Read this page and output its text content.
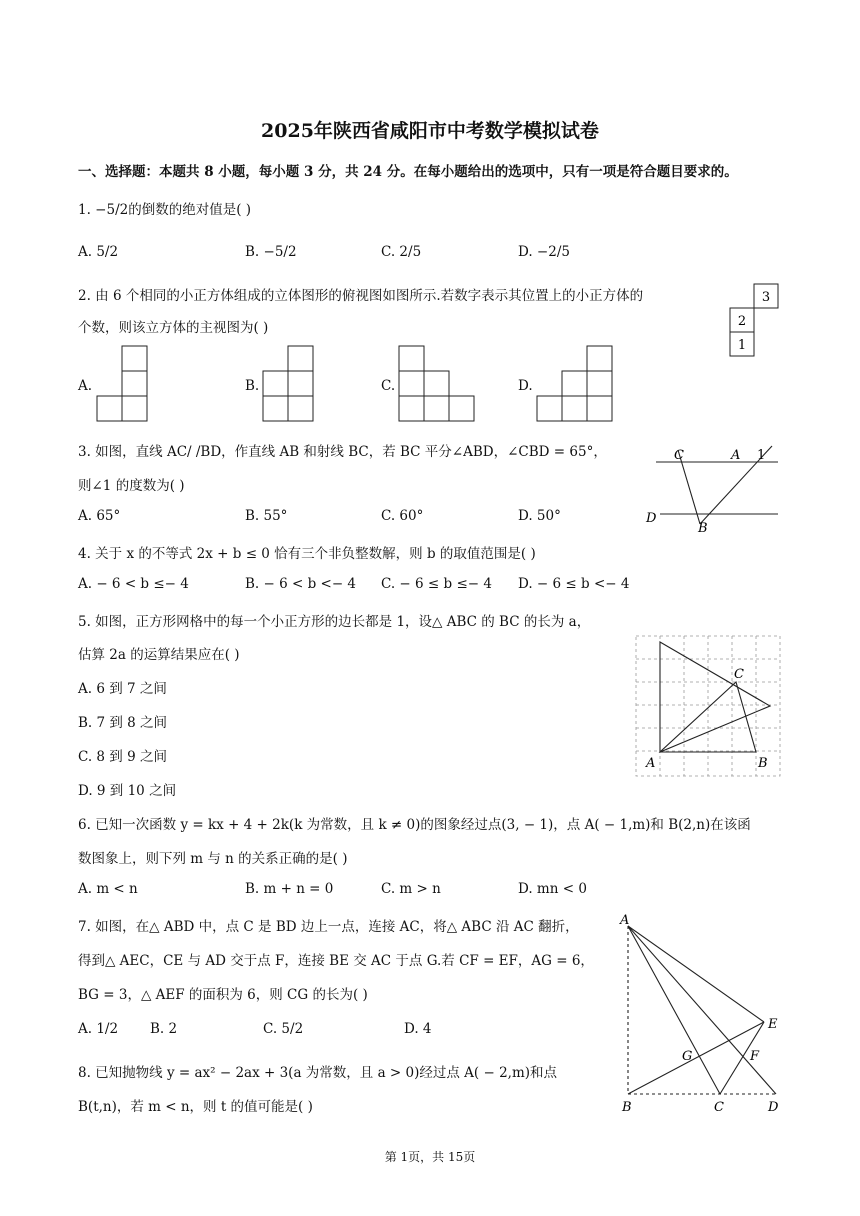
2025年陕西省咸阳市中考数学模拟试卷
一、选择题：本题共 8 小题，每小题 3 分，共 24 分。在每小题给出的选项中，只有一项是符合题目要求的。
1. −5/2的倒数的绝对值是( )
A. 5/2	B. −5/2	C. 2/5	D. −2/5
2. 由 6 个相同的小正方体组成的立体图形的俯视图如图所示.若数字表示其位置上的小正方体的
个数，则该立方体的主视图为( )
3
2
1
A.	B.	C.	D.
3. 如图，直线 AC/ /BD，作直线 AB 和射线 BC，若 BC 平分∠ABD，∠CBD = 65°，
则∠1 的度数为( )
A. 65°	B. 55°	C. 60°	D. 50°
C	A 1
D
B
4. 关于 x 的不等式 2x + b ≤ 0 恰有三个非负整数解，则 b 的取值范围是( )
A. − 6 < b ≤− 4	B. − 6 < b <− 4 C. − 6 ≤ b ≤− 4 D. − 6 ≤ b <− 4
5. 如图，正方形网格中的每一个小正方形的边长都是 1，设△ ABC 的 BC 的长为 a，
估算 2a 的运算结果应在( )
A. 6 到 7 之间
B. 7 到 8 之间
C. 8 到 9 之间
D. 9 到 10 之间
A	B
C
6. 已知一次函数 y = kx + 4 + 2k(k 为常数，且 k ≠ 0)的图象经过点(3, − 1)，点 A( − 1,m)和 B(2,n)在该函
数图象上，则下列 m 与 n 的关系正确的是( )
A. m < n	B. m + n = 0	C. m > n	D. mn < 0
7. 如图，在△ ABD 中，点 C 是 BD 边上一点，连接 AC，将△ ABC 沿 AC 翻折，
得到△ AEC，CE 与 AD 交于点 F，连接 BE 交 AC 于点 G.若 CF = EF，AG = 6，
BG = 3，△ AEF 的面积为 6，则 CG 的长为( )
A. 1/2 B. 2	C. 5/2	D. 4
A
E
G	F
B	C	D
8. 已知抛物线 y = ax² − 2ax + 3(a 为常数，且 a > 0)经过点 A( − 2,m)和点
B(t,n)，若 m < n，则 t 的值可能是( )
第 1页，共 15页
